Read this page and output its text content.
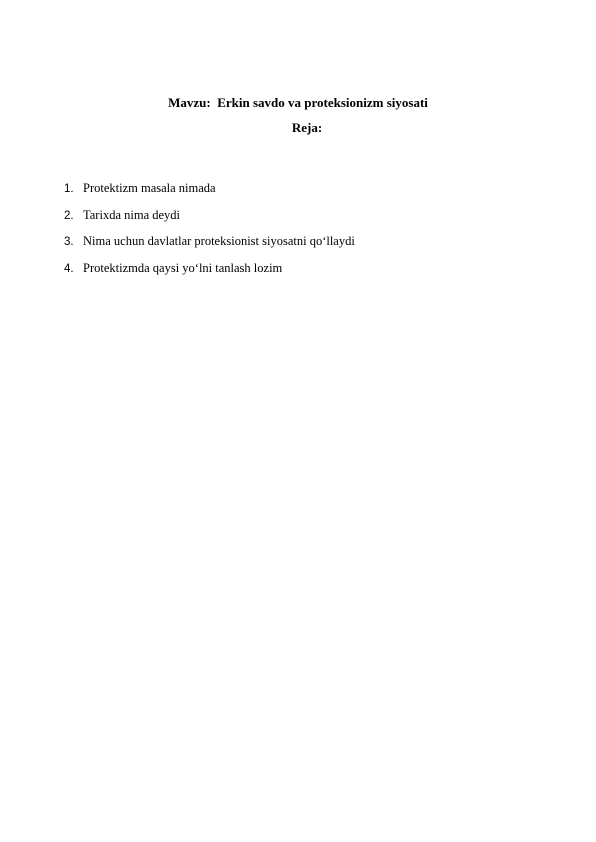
Mavzu:  Erkin savdo va proteksionizm siyosati
Reja:
1. Protektizm masala nimada
2. Tarixda nima deydi
3. Nima uchun davlatlar proteksionist siyosatni qo‘llaydi
4. Protektizmda qaysi yo‘lni tanlash lozim
